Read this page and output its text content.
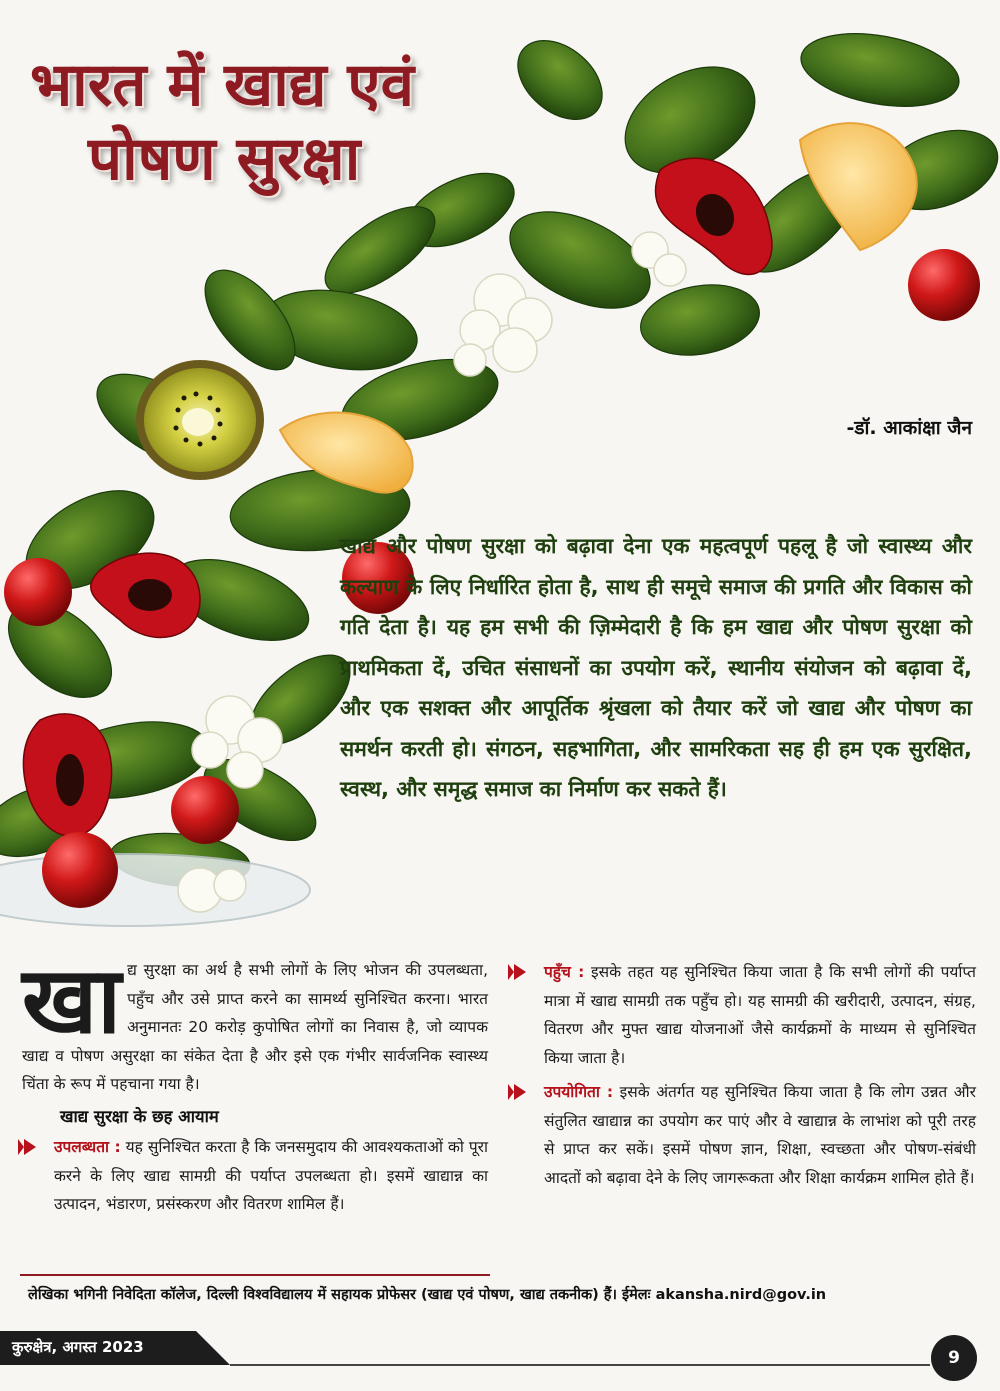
भारत में खाद्य एवं
पोषण सुरक्षा
-डॉ. आकांक्षा जैन

खाद्य और पोषण सुरक्षा को बढ़ावा देना एक महत्वपूर्ण पहलू है जो स्वास्थ्य और कल्याण के लिए निर्धारित होता है, साथ ही समूचे समाज की प्रगति और विकास को गति देता है। यह हम सभी की ज़िम्मेदारी है कि हम खाद्य और पोषण सुरक्षा को प्राथमिकता दें, उचित संसाधनों का उपयोग करें, स्थानीय संयोजन को बढ़ावा दें, और एक सशक्त और आपूर्तिक श्रृंखला को तैयार करें जो खाद्य और पोषण का समर्थन करती हो। संगठन, सहभागिता, और सामरिकता सह ही हम एक सुरक्षित, स्वस्थ, और समृद्ध समाज का निर्माण कर सकते हैं।

खाद्य सुरक्षा का अर्थ है सभी लोगों के लिए भोजन की उपलब्धता, पहुँच और उसे प्राप्त करने का सामर्थ्य सुनिश्चित करना। भारत अनुमानतः 20 करोड़ कुपोषित लोगों का निवास है, जो व्यापक खाद्य व पोषण असुरक्षा का संकेत देता है और इसे एक गंभीर सार्वजनिक स्वास्थ्य चिंता के रूप में पहचाना गया है।

खाद्य सुरक्षा के छह आयाम
उपलब्धता : यह सुनिश्चित करता है कि जनसमुदाय की आवश्यकताओं को पूरा करने के लिए खाद्य सामग्री की पर्याप्त उपलब्धता हो। इसमें खाद्यान्न का उत्पादन, भंडारण, प्रसंस्करण और वितरण शामिल हैं।
पहुँच : इसके तहत यह सुनिश्चित किया जाता है कि सभी लोगों की पर्याप्त मात्रा में खाद्य सामग्री तक पहुँच हो। यह सामग्री की खरीदारी, उत्पादन, संग्रह, वितरण और मुफ्त खाद्य योजनाओं जैसे कार्यक्रमों के माध्यम से सुनिश्चित किया जाता है।
उपयोगिता : इसके अंतर्गत यह सुनिश्चित किया जाता है कि लोग उन्नत और संतुलित खाद्यान्न का उपयोग कर पाएं और वे खाद्यान्न के लाभांश को पूरी तरह से प्राप्त कर सकें। इसमें पोषण ज्ञान, शिक्षा, स्वच्छता और पोषण-संबंधी आदतों को बढ़ावा देने के लिए जागरूकता और शिक्षा कार्यक्रम शामिल होते हैं।
लेखिका भगिनी निवेदिता कॉलेज, दिल्ली विश्वविद्यालय में सहायक प्रोफेसर (खाद्य एवं पोषण, खाद्य तकनीक) हैं। ईमेलः akansha.nird@gov.in
कुरुक्षेत्र, अगस्त 2023
9
